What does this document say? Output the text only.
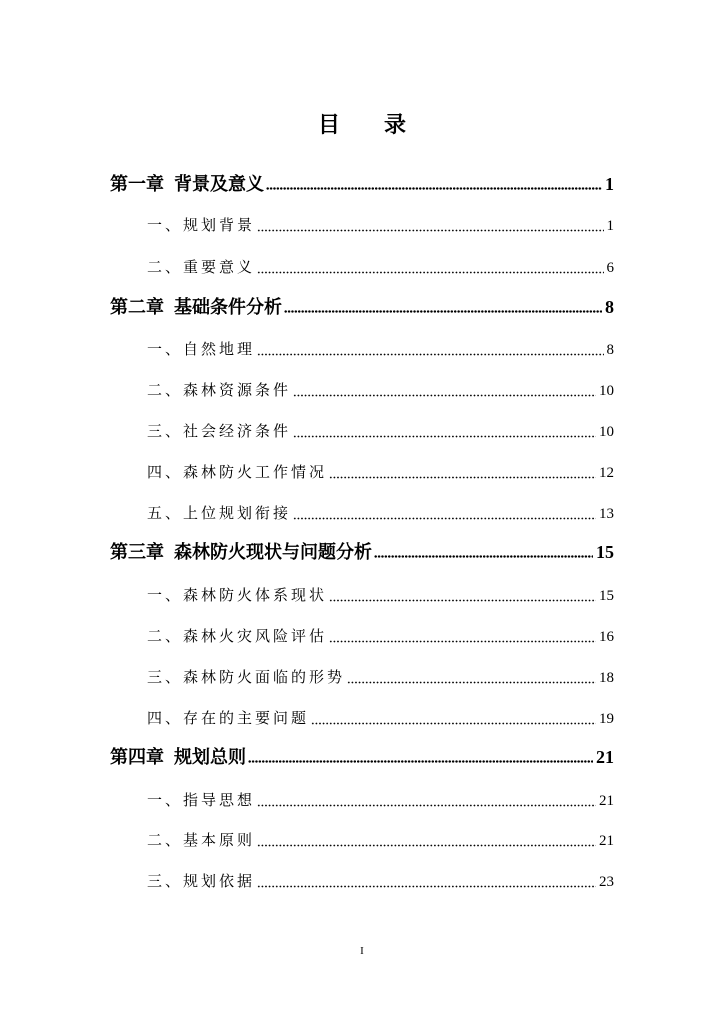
目　　录
第一章 背景及意义	1
一、规划背景	1
二、重要意义	6
第二章 基础条件分析	8
一、自然地理	8
二、森林资源条件	10
三、社会经济条件	10
四、森林防火工作情况	12
五、上位规划衔接	13
第三章 森林防火现状与问题分析	15
一、森林防火体系现状	15
二、森林火灾风险评估	16
三、森林防火面临的形势	18
四、存在的主要问题	19
第四章 规划总则	21
一、指导思想	21
二、基本原则	21
三、规划依据	23
I
